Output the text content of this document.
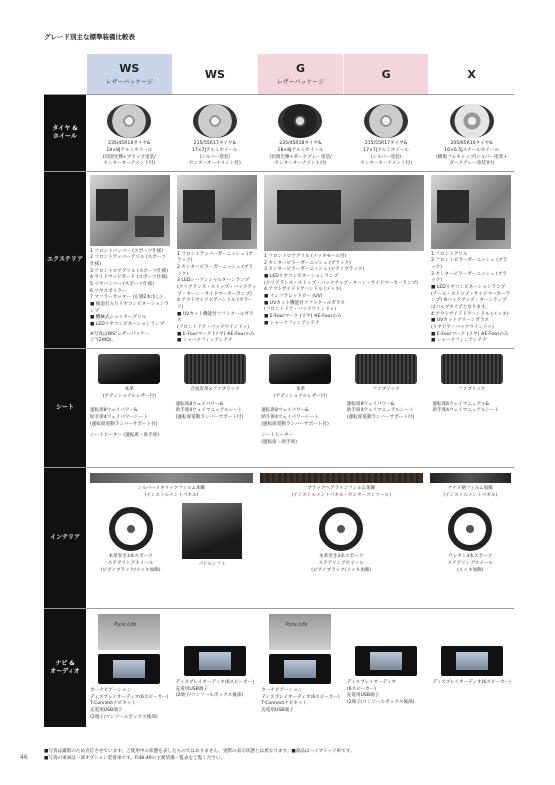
グレード別主な標準装備比較表
WS
レザーパッケージ
WS	G
レザーパッケージ
G	X
タイヤ &
ホイール
235/45R18タイヤ&
18×8Jアルミホイール
(切削光輝+ブラック塗装/
センターオーナメント付)
215/55R17タイヤ&
17×7Jアルミホイール
(シルバー塗装/
センターオーナメント付)
235/45R18タイヤ&
18×8Jアルミホイール
(切削光輝+ダークグレー塗装/
センターオーナメント付)
215/55R17タイヤ&
17×7Jアルミホイール
(シルバー塗装/
センターオーナメント付)
205/65R16タイヤ&
16×6.5Jスチールホイール
(樹脂フルキャップ[シルバー塗装+
ダークグレー塗装]付)
エクステリア
1 フロントバンパー (スポーツ仕様)
2 フロントアッパーグリル (スポーツ仕様)
3 フロントロアグリル (スポーツ仕様)
4 サイドマッドガード (スポーツ仕様)
5 リヤバンパー (スポーツ仕様)
6 リヤスポイラー
7 マフラーカッター (左側2本出し)
■ 後退灯入りリヤコンビネーションランプ
■ 機械式シャッターグリル
■ LEDリヤコンビネーションランプ
※写真はWS“レザーパッケージ”(2WD)。
1 フロントアッパーガーニッシュ (ブラック)
2 センターピラーガーニッシュ (ブラック)
3 LEDシーケンシャルターンランプ
(クリアランス・ストップ・バックアップ・ターン・サイドマーカーランプ)
4 アウトサイドドアハンドル (カラード)
■ UVカット機能付ソフトクールガラス
(フロントドア・バックウインドゥ)
■ E-Fourマーク (リヤ) ※E-Fourのみ
■ シャークフィンアンテナ
1 フロントロアグリル (メッキモール付)
2 センターピラーガーニッシュ (ブラック)
3 センターピラーガーニッシュ (ピアノブラック)
■ LEDリヤコンビネーションランプ
(クリアランス・ストップ・バックアップ・ターン・サイドマーカーランプ)
4 アウトサイドドアハンドル (メッキ)
■ インフラレッドカー (UV)
■ UVカット機能付ソフトクールガラス
(フロントドア・バックウインドゥ)
■ E-Fourマーク (リヤ) ※E-Fourのみ
■ シャークフィンアンテナ
1 フロントグリル
2 フロントピラーガーニッシュ (ブラック)
3 センターピラーガーニッシュ (ブラック)
■ LEDリヤコンビネーションランプ (テール・ストップ・サイドマーカーランプ) ※バックアップ・ターンランプはバルブタイプとなります。
4 アウトサイドドアハンドル (メッキ)
■ UVカットグリーンガラス
(リヤドア・バックウインドゥ)
■ E-Fourマーク (リヤ) ※E-Fourのみ
■ シャークフィンアンテナ
シート
本革
(アディショナルレザー付)
運転席8ウェイパワー&
助手席4ウェイパワーシート
(運転席電動ランバーサポート付)
シートヒーター (運転席・助手席)
合成皮革×ファブリック
運転席8ウェイパワー&
助手席4ウェイマニュアルシート
(運転席電動ランバーサポート付)
本革
(アディショナルレザー付)
運転席8ウェイパワー&
助手席4ウェイパワーシート
(運転席電動ランバーサポート付)
シートヒーター
(運転席・助手席)
ファブリック
運転席8ウェイパワー&
助手席4ウェイマニュアルシート
(運転席電動ランバーサポート付)
ファブリック
運転席6ウェイマニュアル&
助手席4ウェイマニュアルシート
インテリア
シルバーメタリックフィルム加飾
(インストルメントパネル)
本革巻き3本スポーク
ステアリングホイール
(ピアノブラック/メッキ加飾)
パドルシフト
ブラックヘアラインフィルム加飾
(インストルメントパネル・センターコンソール)
本革巻き3本スポーク
ステアリングホイール
(ピアノブラック/メッキ加飾)
ナナメ柄フィルム加飾
(インストルメントパネル)
ウレタン3本スポーク
ステアリングホイール
(メッキ加飾)
ナビ &
オーディオ
Pure Life
カーナビゲーション
ディスプレイオーディオ(6スピーカー)
T-Connectナビキット
充電用USB端子
(2端子/コンソールボックス後部)
ディスプレイオーディオ(6スピーカー)
充電用USB端子
(2端子/コンソールボックス後部)
Pure Life
カーナビゲーション
ディスプレイオーディオ(6スピーカー)
T-Connectナビキット
充電用USB端子
ディスプレイオーディオ
(6スピーカー)
充電用USB端子
(2端子/コンソールボックス後部)
ディスプレイオーディオ(6スピーカー)
■写真は撮影のため点灯させています。ご使用中の状態を表したものではありません。実際の表示状態とは異なります。■商品はハイブリッド車です。
■写真の車両は一部オプション装着車です。P.48-49の主要装備一覧表をご覧ください。
46
